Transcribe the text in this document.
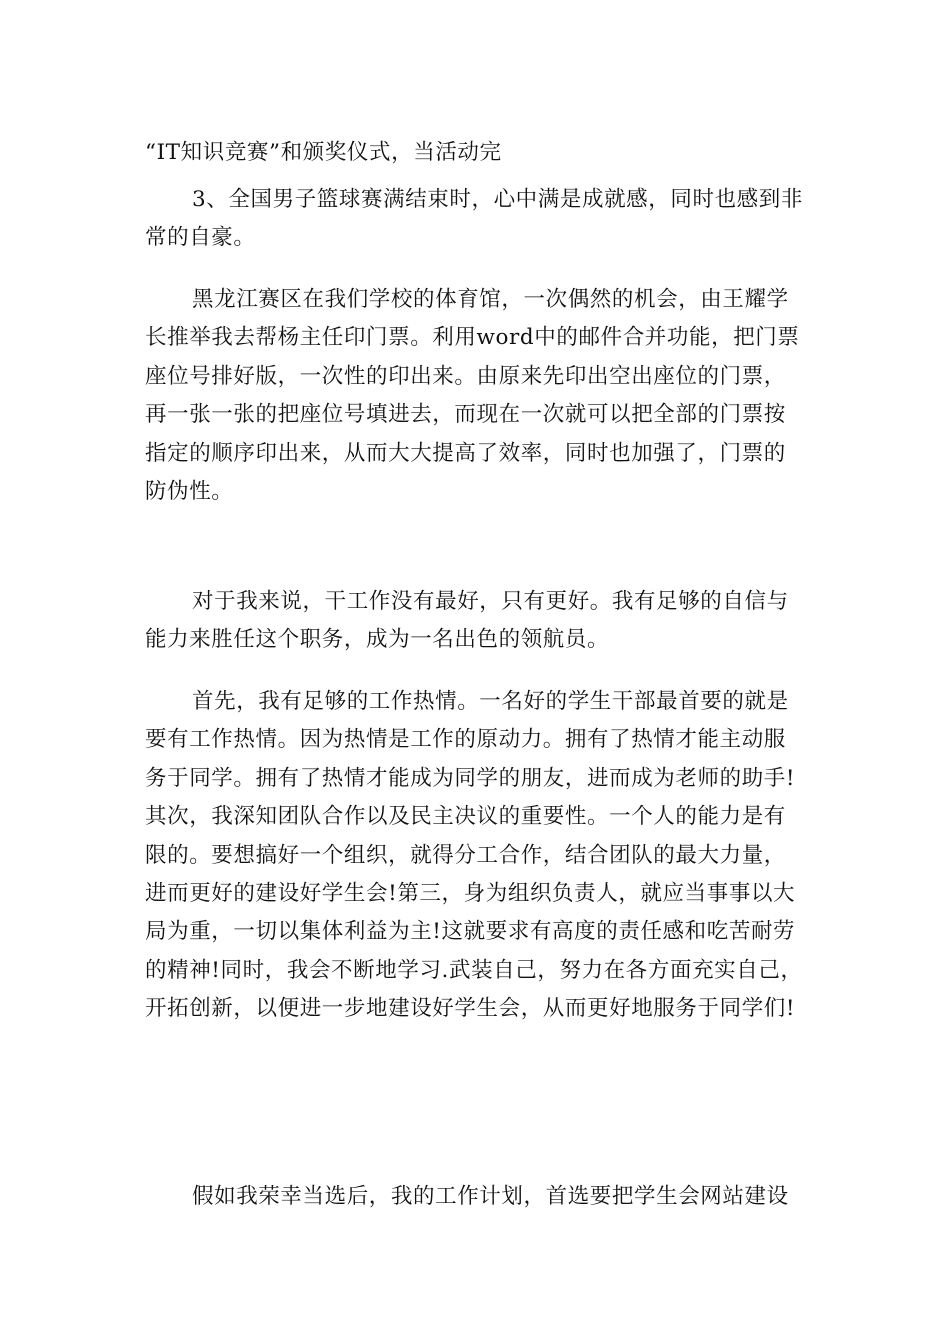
“IT知识竞赛”和颁奖仪式，当活动完
3、全国男子篮球赛满结束时，心中满是成就感，同时也感到非
常的自豪。
黑龙江赛区在我们学校的体育馆，一次偶然的机会，由王耀学
长推举我去帮杨主任印门票。利用word中的邮件合并功能，把门票
座位号排好版，一次性的印出来。由原来先印出空出座位的门票，
再一张一张的把座位号填进去，而现在一次就可以把全部的门票按
指定的顺序印出来，从而大大提高了效率，同时也加强了，门票的
防伪性。
对于我来说，干工作没有最好，只有更好。我有足够的自信与
能力来胜任这个职务，成为一名出色的领航员。
首先，我有足够的工作热情。一名好的学生干部最首要的就是
要有工作热情。因为热情是工作的原动力。拥有了热情才能主动服
务于同学。拥有了热情才能成为同学的朋友，进而成为老师的助手!
其次，我深知团队合作以及民主决议的重要性。一个人的能力是有
限的。要想搞好一个组织，就得分工合作，结合团队的最大力量，
进而更好的建设好学生会!第三，身为组织负责人，就应当事事以大
局为重，一切以集体利益为主!这就要求有高度的责任感和吃苦耐劳
的精神!同时，我会不断地学习.武装自己，努力在各方面充实自己，
开拓创新，以便进一步地建设好学生会，从而更好地服务于同学们!
假如我荣幸当选后，我的工作计划，首选要把学生会网站建设
